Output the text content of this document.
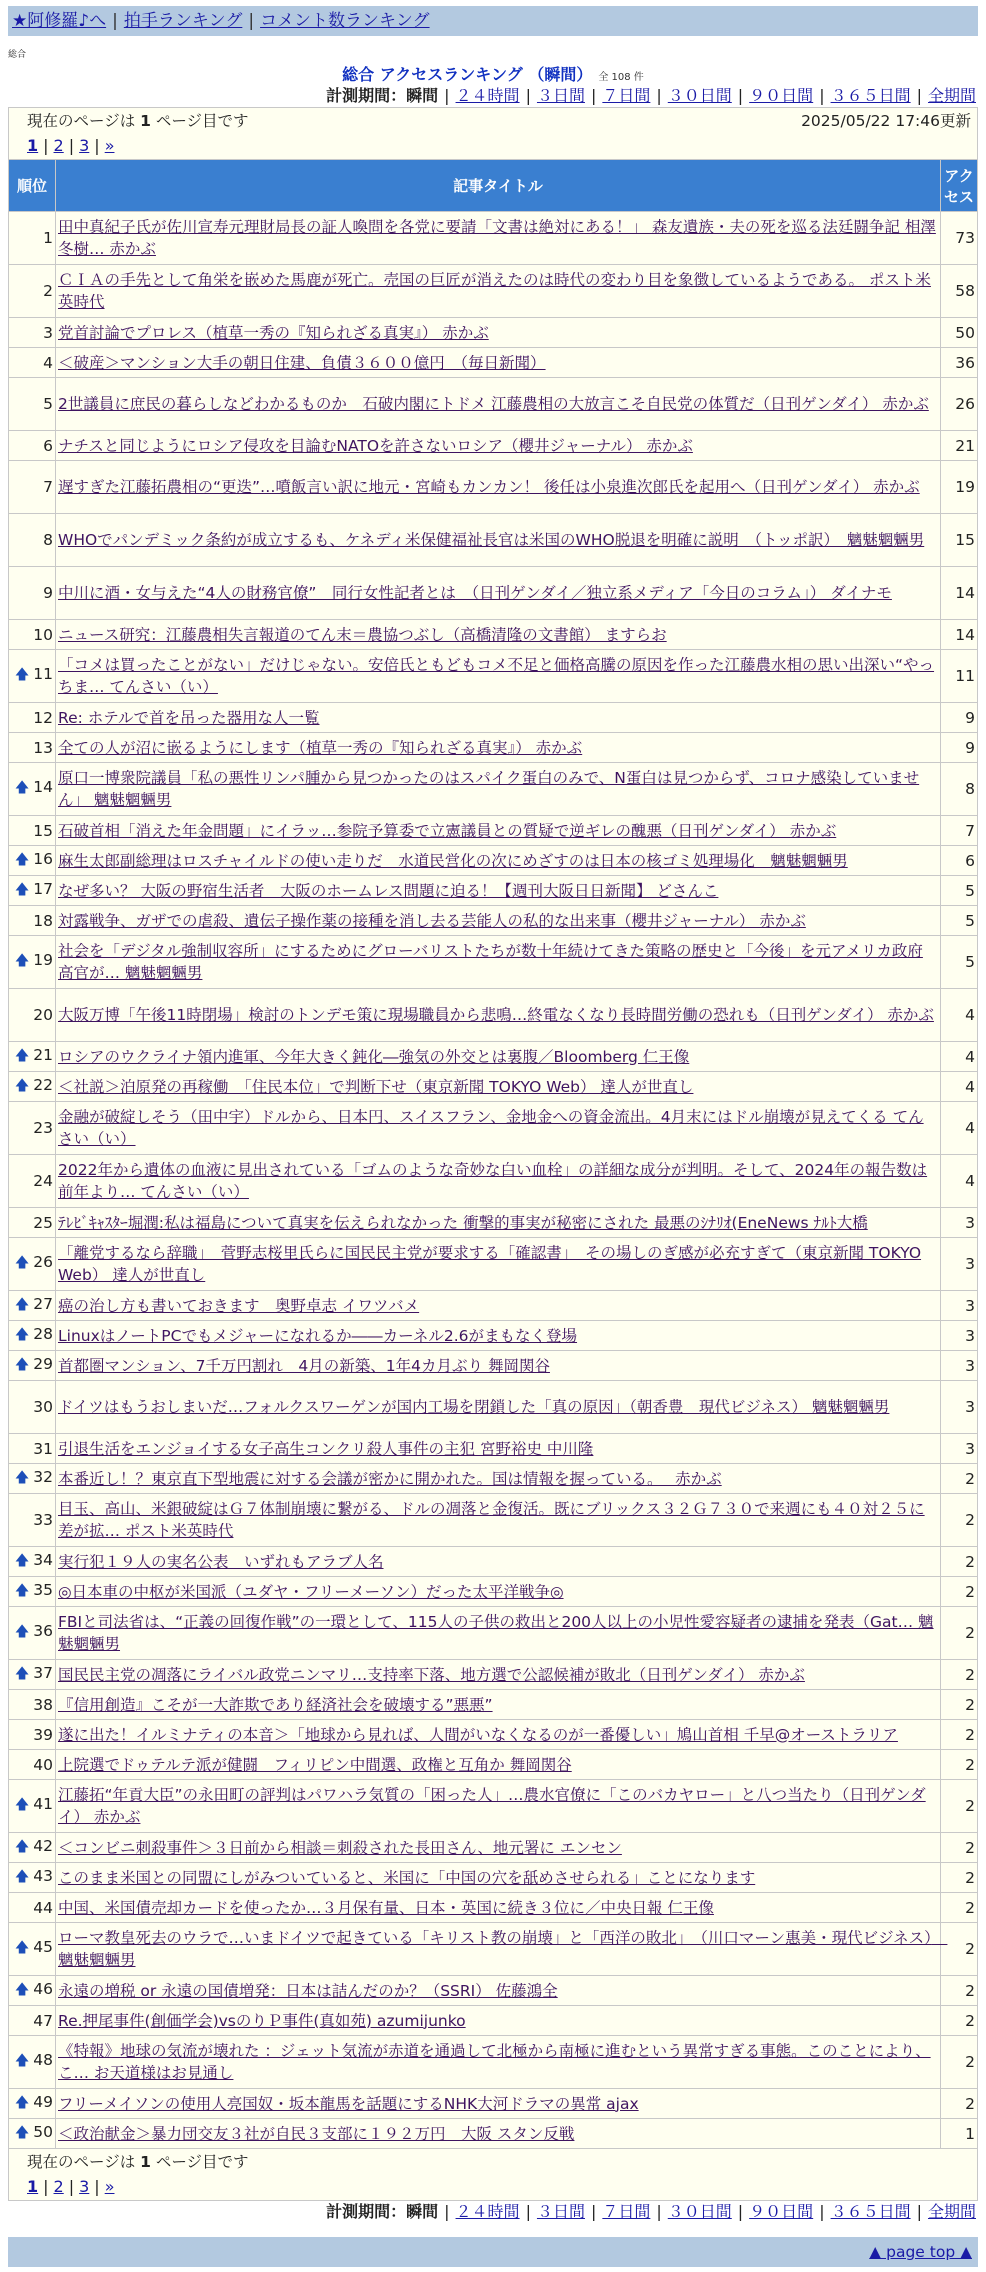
★阿修羅♪へ | 拍手ランキング | コメント数ランキング
総合
総合 アクセスランキング （瞬間） 全 108 件
計測期間：瞬間 | ２４時間 | ３日間 | ７日間 | ３０日間 | ９０日間 | ３６５日間 | 全期間
現在のページは 1 ページ目です	2025/05/22 17:46更新
1 | 2 | 3 | »
順位	記事タイトル	アクセス
1	田中真紀子氏が佐川宣寿元理財局長の証人喚問を各党に要請「文書は絶対にある！」 森友遺族・夫の死を巡る法廷闘争記 相澤冬樹… 赤かぶ	73
2	ＣＩＡの手先として角栄を嵌めた馬鹿が死亡。売国の巨匠が消えたのは時代の変わり目を象徴しているようである。 ポスト米英時代	58
3	党首討論でプロレス（植草一秀の『知られざる真実』） 赤かぶ	50
4	＜破産＞マンション大手の朝日住建、負債３６００億円　（毎日新聞）	36
5	2世議員に庶民の暮らしなどわかるものか　石破内閣にトドメ 江藤農相の大放言こそ自民党の体質だ（日刊ゲンダイ） 赤かぶ	26
6	ナチスと同じようにロシア侵攻を目論むNATOを許さないロシア（櫻井ジャーナル） 赤かぶ	21
7	遅すぎた江藤拓農相の“更迭”…噴飯言い訳に地元・宮崎もカンカン！ 後任は小泉進次郎氏を起用へ（日刊ゲンダイ） 赤かぶ	19
8	WHOでパンデミック条約が成立するも、ケネディ米保健福祉長官は米国のWHO脱退を明確に説明　（トッポ訳）　魑魅魍魎男	15
9	中川に酒・女与えた“4人の財務官僚”　同行女性記者とは　（日刊ゲンダイ／独立系メディア「今日のコラム」） ダイナモ	14
10	ニュース研究：江藤農相失言報道のてん末＝農協つぶし（高橋清隆の文書館） ますらお	14
🡅 11	「コメは買ったことがない」だけじゃない。安倍氏ともどもコメ不足と価格高騰の原因を作った江藤農水相の思い出深い“やっちま… てんさい（い）	11
12	Re: ホテルで首を吊った器用な人一覧	9
13	全ての人が沼に嵌るようにします（植草一秀の『知られざる真実』） 赤かぶ	9
🡅 14	原口一博衆院議員「私の悪性リンパ腫から見つかったのはスパイク蛋白のみで、N蛋白は見つからず、コロナ感染していません」 魑魅魍魎男	8
15	石破首相「消えた年金問題」にイラッ…参院予算委で立憲議員との質疑で逆ギレの醜悪（日刊ゲンダイ） 赤かぶ	7
🡅 16	麻生太郎副総理はロスチャイルドの使い走りだ　水道民営化の次にめざすのは日本の核ゴミ処理場化　魑魅魍魎男	6
🡅 17	なぜ多い？ 大阪の野宿生活者　大阪のホームレス問題に迫る！【週刊大阪日日新聞】 どさんこ	5
18	対露戦争、ガザでの虐殺、遺伝子操作薬の接種を消し去る芸能人の私的な出来事（櫻井ジャーナル） 赤かぶ	5
🡅 19	社会を「デジタル強制収容所」にするためにグローバリストたちが数十年続けてきた策略の歴史と「今後」を元アメリカ政府高官が… 魑魅魍魎男	5
20	大阪万博「午後11時閉場」検討のトンデモ策に現場職員から悲鳴…終電なくなり長時間労働の恐れも（日刊ゲンダイ） 赤かぶ	4
🡅 21	ロシアのウクライナ領内進軍、今年大きく鈍化―強気の外交とは裏腹／Bloomberg 仁王像	4
🡅 22	＜社説＞泊原発の再稼働　「住民本位」で判断下せ（東京新聞 TOKYO Web） 達人が世直し	4
23	金融が破綻しそう（田中宇）ドルから、日本円、スイスフラン、金地金への資金流出。4月末にはドル崩壊が見えてくる てんさい（い）	4
24	2022年から遺体の血液に見出されている「ゴムのような奇妙な白い血栓」の詳細な成分が判明。そして、2024年の報告数は前年より… てんさい（い）	4
25	ﾃﾚﾋﾞｷｬｽﾀｰ堀潤:私は福島について真実を伝えられなかった 衝撃的事実が秘密にされた 最悪のｼﾅﾘｵ(EneNews ﾅﾙﾄ大橋	3
🡅 26	「離党するなら辞職」　菅野志桜里氏らに国民民主党が要求する「確認書」　その場しのぎ感が必充すぎて（東京新聞 TOKYO Web） 達人が世直し	3
🡅 27	癌の治し方も書いておきます　奥野卓志 イワツバメ	3
🡅 28	LinuxはノートPCでもメジャーになれるか――カーネル2.6がまもなく登場	3
🡅 29	首都圏マンション、7千万円割れ　4月の新築、1年4カ月ぶり 舞岡関谷	3
30	ドイツはもうおしまいだ…フォルクスワーゲンが国内工場を閉鎖した「真の原因」（朝香豊　現代ビジネス） 魑魅魍魎男	3
31	引退生活をエンジョイする女子高生コンクリ殺人事件の主犯 宮野裕史 中川隆	3
🡅 32	本番近し！？東京直下型地震に対する会議が密かに開かれた。国は情報を握っている。　 赤かぶ	2
33	目玉、高山、米銀破綻はＧ７体制崩壊に繋がる、ドルの凋落と金復活。既にブリックス３２Ｇ７３０で来週にも４０対２５に差が拡… ポスト米英時代	2
🡅 34	実行犯１９人の実名公表　いずれもアラブ人名	2
🡅 35	◎日本車の中枢が米国派（ユダヤ・フリーメーソン）だった太平洋戦争◎	2
🡅 36	FBIと司法省は、“正義の回復作戦”の一環として、115人の子供の救出と200人以上の小児性愛容疑者の逮捕を発表（Gat… 魑魅魍魎男	2
🡅 37	国民民主党の凋落にライバル政党ニンマリ…支持率下落、地方選で公認候補が敗北（日刊ゲンダイ） 赤かぶ	2
38	『信用創造』こそが一大詐欺であり経済社会を破壊する”悪悪”	2
39	遂に出た！イルミナティの本音＞「地球から見れば、人間がいなくなるのが一番優しい」鳩山首相 千早@オーストラリア	2
40	上院選でドゥテルテ派が健闘　フィリピン中間選、政権と互角か 舞岡関谷	2
🡅 41	江藤拓“年貢大臣”の永田町の評判はパワハラ気質の「困った人」…農水官僚に「このバカヤロー」と八つ当たり（日刊ゲンダイ） 赤かぶ	2
🡅 42	＜コンビニ刺殺事件＞３日前から相談＝刺殺された長田さん、地元署に エンセン	2
🡅 43	このまま米国との同盟にしがみついていると、米国に「中国の穴を舐めさせられる」ことになります	2
44	中国、米国債売却カードを使ったか…３月保有量、日本・英国に続き３位に／中央日報 仁王像	2
🡅 45	ローマ教皇死去のウラで…いまドイツで起きている「キリスト教の崩壊」と「西洋の敗北」　（川口マーン惠美・現代ビジネス）　魑魅魍魎男	2
🡅 46	永遠の増税 or 永遠の国債増発：日本は詰んだのか？（SSRI） 佐藤鴻全	2
47	Re.押尾事件(創価学会)vsのりＰ事件(真如苑) azumijunko	2
🡅 48	《特報》地球の気流が壊れた ：ジェット気流が赤道を通過して北極から南極に進むという異常すぎる事態。このことにより、こ… お天道様はお見通し	2
🡅 49	フリーメイソンの使用人亮国奴・坂本龍馬を話題にするNHK大河ドラマの異常 ajax	2
🡅 50	＜政治献金＞暴力団交友３社が自民３支部に１９２万円　大阪 スタン反戦	1
現在のページは 1 ページ目です
1 | 2 | 3 | »
計測期間：瞬間 | ２４時間 | ３日間 | ７日間 | ３０日間 | ９０日間 | ３６５日間 | 全期間
▲ page top ▲
